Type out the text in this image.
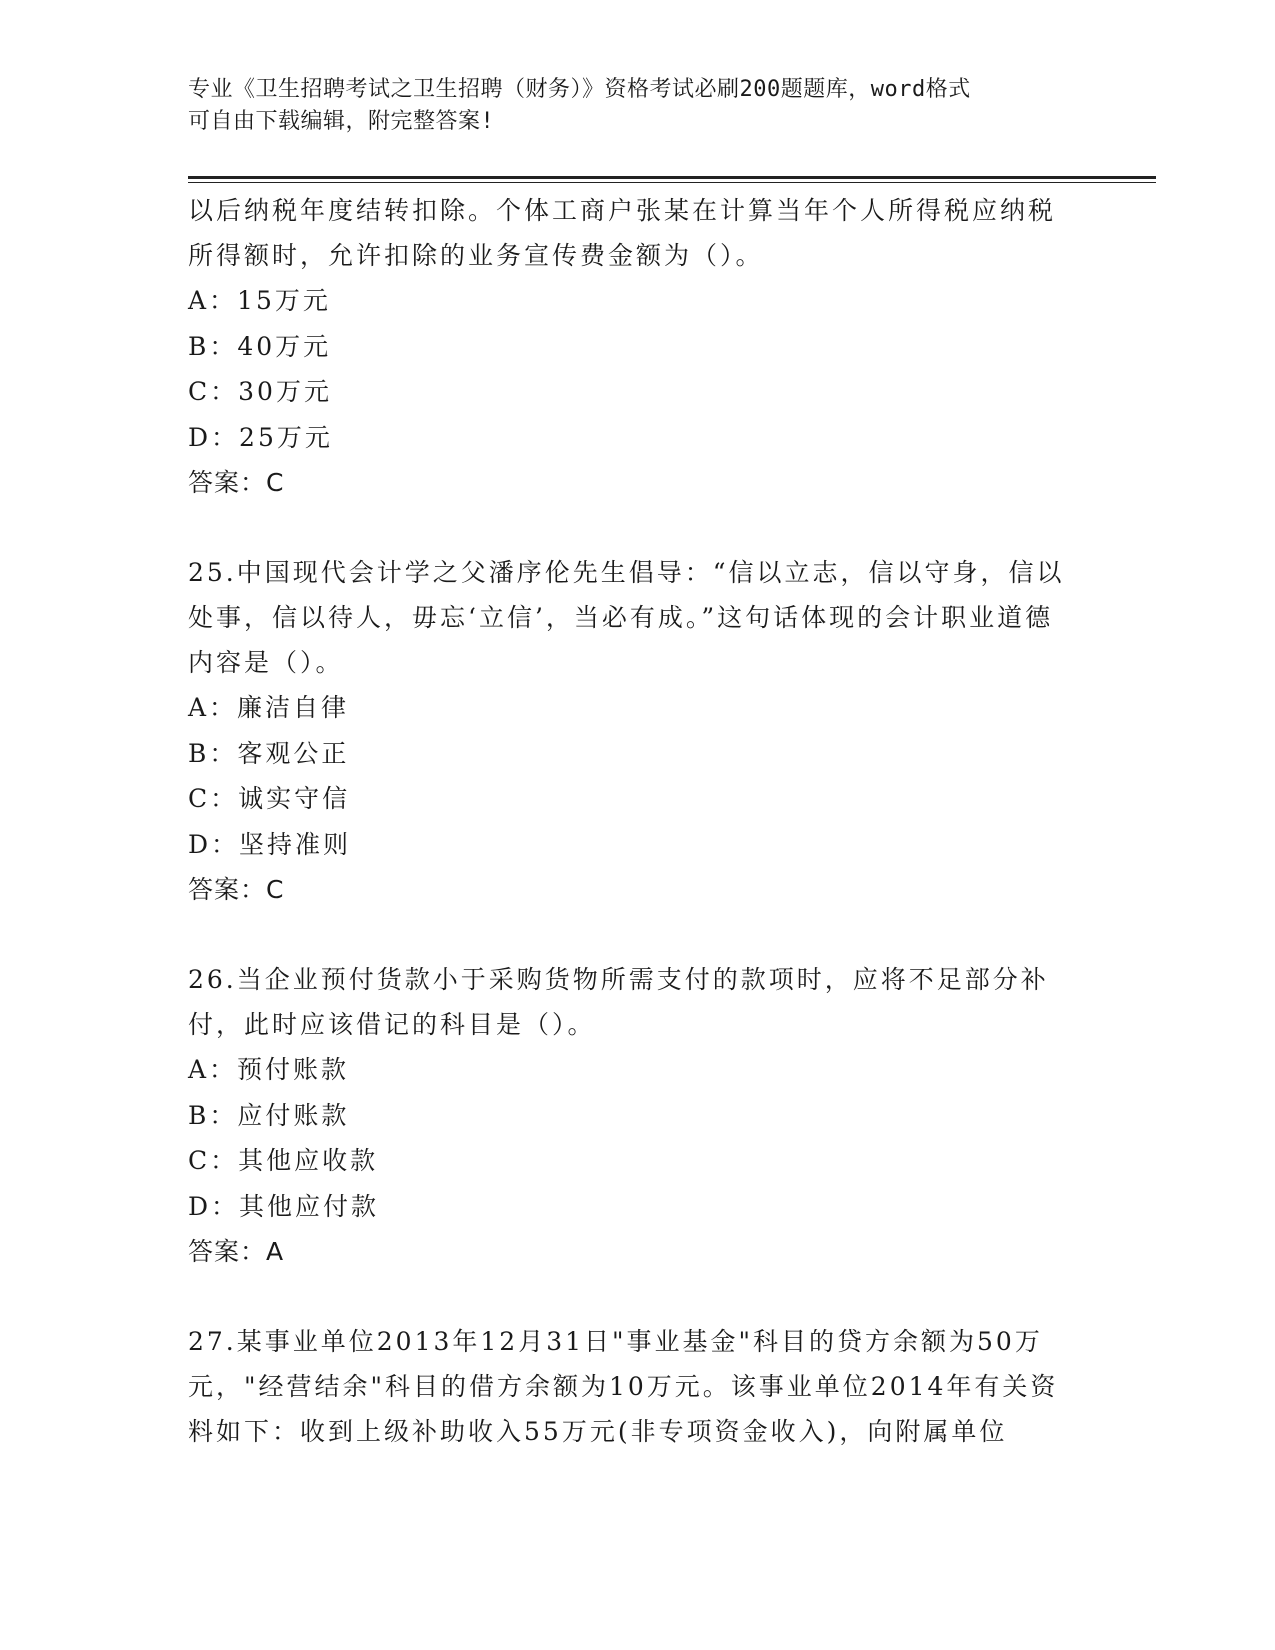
专业《卫生招聘考试之卫生招聘（财务）》资格考试必刷200题题库，word格式
可自由下载编辑，附完整答案!

以后纳税年度结转扣除。个体工商户张某在计算当年个人所得税应纳税所得额时，允许扣除的业务宣传费金额为（）。

A：15万元

B：40万元

C：30万元

D：25万元

答案：C

25.中国现代会计学之父潘序伦先生倡导：“信以立志，信以守身，信以处事，信以待人，毋忘‘立信’，当必有成。”这句话体现的会计职业道德内容是（）。

A：廉洁自律

B：客观公正

C：诚实守信

D：坚持准则

答案：C

26.当企业预付货款小于采购货物所需支付的款项时，应将不足部分补付，此时应该借记的科目是（）。

A：预付账款

B：应付账款

C：其他应收款

D：其他应付款

答案：A

27.某事业单位2013年12月31日"事业基金"科目的贷方余额为50万元，"经营结余"科目的借方余额为10万元。该事业单位2014年有关资料如下：收到上级补助收入55万元(非专项资金收入)，向附属单位
